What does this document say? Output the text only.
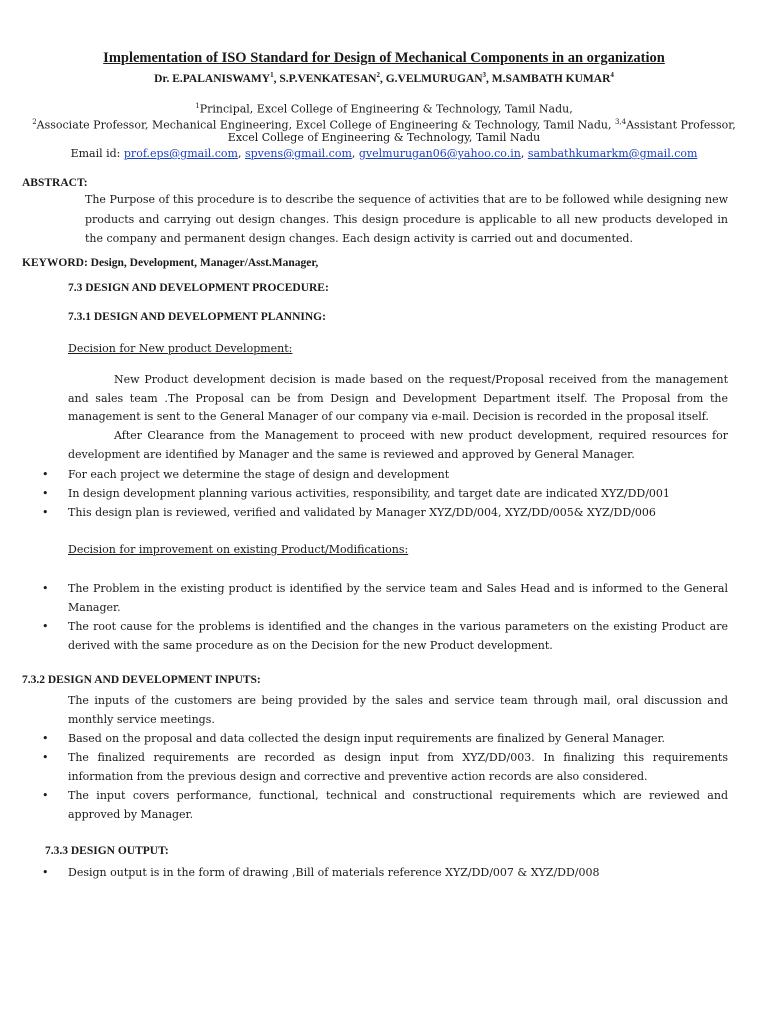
Implementation of ISO Standard for Design of Mechanical Components in an organization
Dr. E.PALANISWAMY$^1$, S.P.VENKATESAN$^2$, G.VELMURUGAN$^3$, M.SAMBATH KUMAR$^4$
$^1$Principal, Excel College of Engineering & Technology, Tamil Nadu,
$^2$Associate Professor, Mechanical Engineering, Excel College of Engineering & Technology, Tamil Nadu, $^{3,4}$Assistant Professor,
Excel College of Engineering & Technology, Tamil Nadu
Email id: prof.eps@gmail.com, spvens@gmail.com, gvelmurugan06@yahoo.co.in, sambathkumarkm@gmail.com
ABSTRACT:
The Purpose of this procedure is to describe the sequence of activities that are to be followed while designing new products and carrying out design changes. This design procedure is applicable to all new products developed in the company and permanent design changes. Each design activity is carried out and documented.
KEYWORD: Design, Development, Manager/Asst.Manager,
7.3 DESIGN AND DEVELOPMENT PROCEDURE:
7.3.1 DESIGN AND DEVELOPMENT PLANNING:
Decision for New product Development:
New Product development decision is made based on the request/Proposal received from the management and sales team .The Proposal can be from Design and Development Department itself. The Proposal from the management is sent to the General Manager of our company via e-mail. Decision is recorded in the proposal itself.
After Clearance from the Management to proceed with new product development, required resources for development are identified by Manager and the same is reviewed and approved by General Manager.
• For each project we determine the stage of design and development
• In design development planning various activities, responsibility, and target date are indicated XYZ/DD/001
• This design plan is reviewed, verified and validated by Manager XYZ/DD/004, XYZ/DD/005& XYZ/DD/006
Decision for improvement on existing Product/Modifications:
• The Problem in the existing product is identified by the service team and Sales Head and is informed to the General Manager.
• The root cause for the problems is identified and the changes in the various parameters on the existing Product are derived with the same procedure as on the Decision for the new Product development.
7.3.2 DESIGN AND DEVELOPMENT INPUTS:
The inputs of the customers are being provided by the sales and service team through mail, oral discussion and monthly service meetings.
• Based on the proposal and data collected the design input requirements are finalized by General Manager.
• The finalized requirements are recorded as design input from XYZ/DD/003. In finalizing this requirements information from the previous design and corrective and preventive action records are also considered.
• The input covers performance, functional, technical and constructional requirements which are reviewed and approved by Manager.
7.3.3 DESIGN OUTPUT:
• Design output is in the form of drawing ,Bill of materials reference XYZ/DD/007 & XYZ/DD/008
